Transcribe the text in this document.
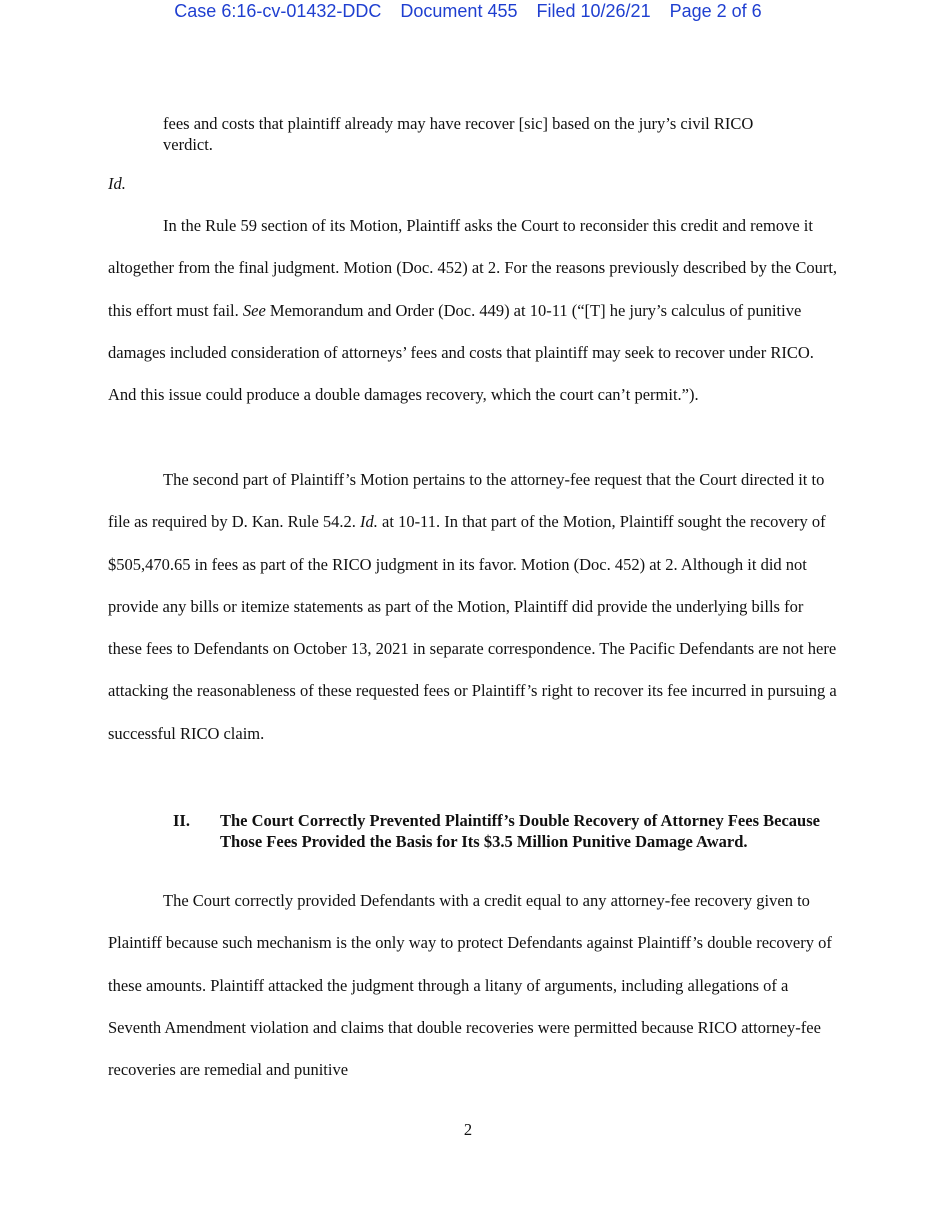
Case 6:16-cv-01432-DDC Document 455 Filed 10/26/21 Page 2 of 6

fees and costs that plaintiff already may have recover [sic] based on the jury’s civil RICO verdict.

Id.

In the Rule 59 section of its Motion, Plaintiff asks the Court to reconsider this credit and remove it altogether from the final judgment. Motion (Doc. 452) at 2. For the reasons previously described by the Court, this effort must fail. See Memorandum and Order (Doc. 449) at 10-11 (“[T] he jury’s calculus of punitive damages included consideration of attorneys’ fees and costs that plaintiff may seek to recover under RICO. And this issue could produce a double damages recovery, which the court can’t permit.”).

The second part of Plaintiff’s Motion pertains to the attorney-fee request that the Court directed it to file as required by D. Kan. Rule 54.2. Id. at 10-11. In that part of the Motion, Plaintiff sought the recovery of $505,470.65 in fees as part of the RICO judgment in its favor. Motion (Doc. 452) at 2. Although it did not provide any bills or itemize statements as part of the Motion, Plaintiff did provide the underlying bills for these fees to Defendants on October 13, 2021 in separate correspondence. The Pacific Defendants are not here attacking the reasonableness of these requested fees or Plaintiff’s right to recover its fee incurred in pursuing a successful RICO claim.

II. The Court Correctly Prevented Plaintiff’s Double Recovery of Attorney Fees Because Those Fees Provided the Basis for Its $3.5 Million Punitive Damage Award.

The Court correctly provided Defendants with a credit equal to any attorney-fee recovery given to Plaintiff because such mechanism is the only way to protect Defendants against Plaintiff’s double recovery of these amounts. Plaintiff attacked the judgment through a litany of arguments, including allegations of a Seventh Amendment violation and claims that double recoveries were permitted because RICO attorney-fee recoveries are remedial and punitive

2
